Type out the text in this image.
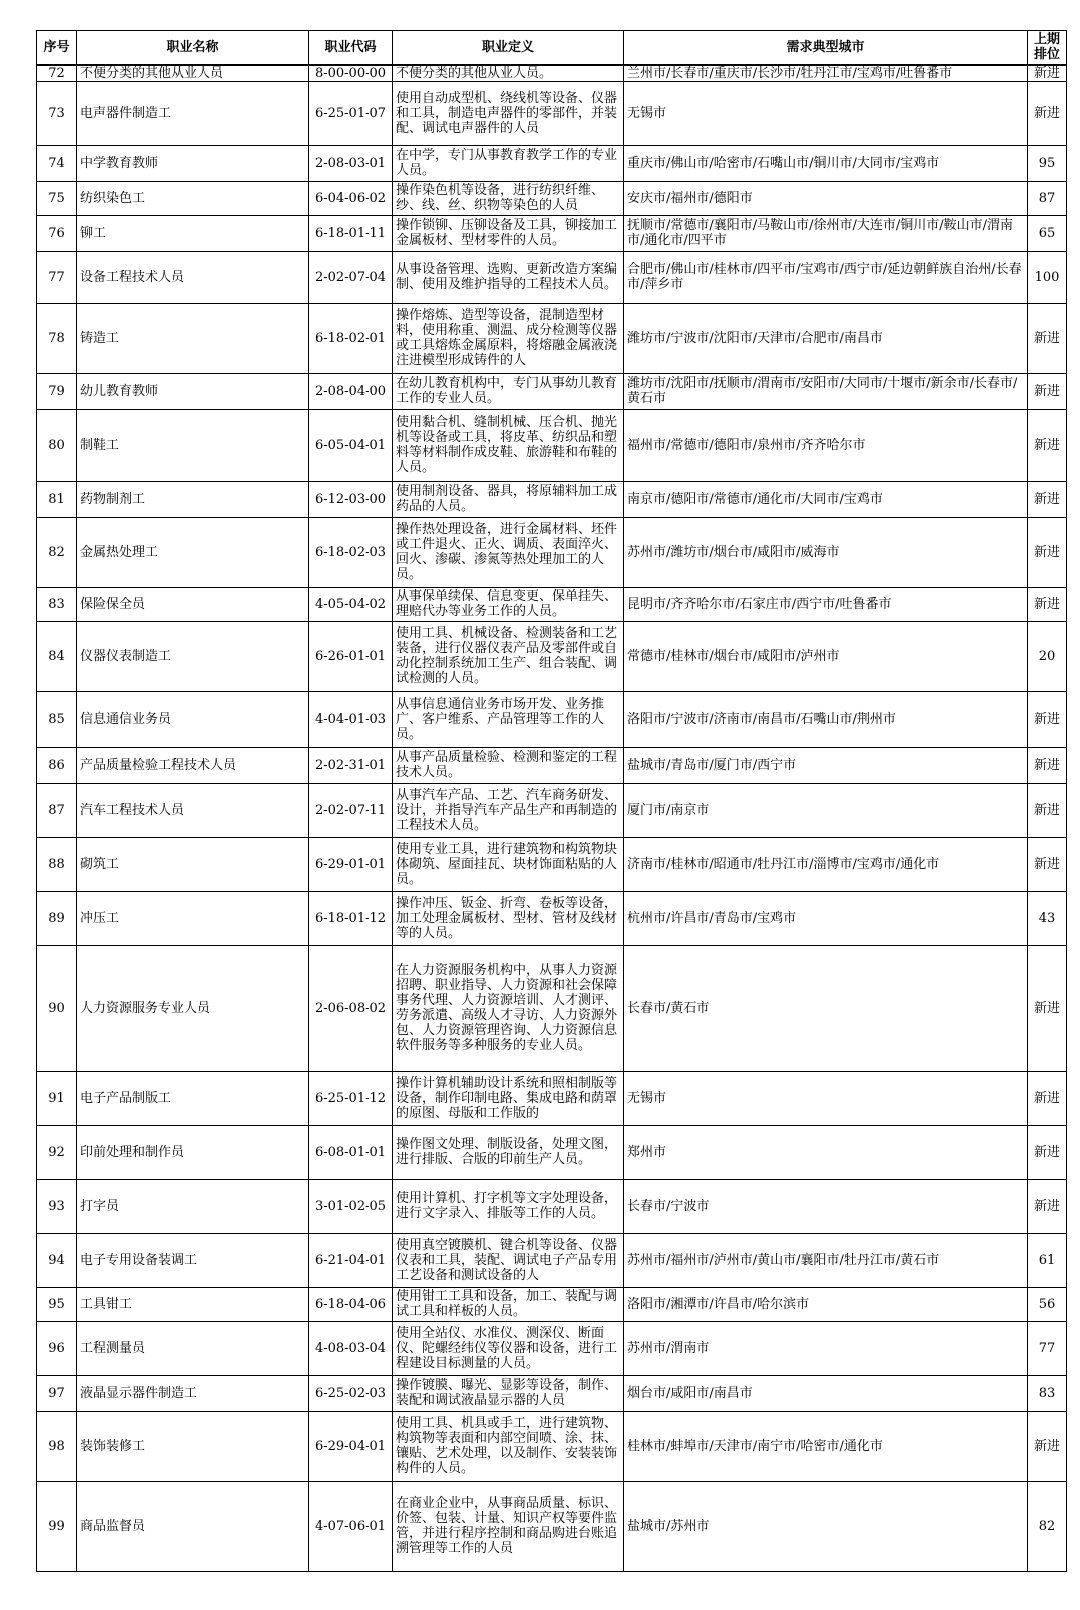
序号	职业名称	职业代码	职业定义	需求典型城市	上期排位
72	不便分类的其他从业人员	8-00-00-00	不便分类的其他从业人员。	兰州市/长春市/重庆市/长沙市/牡丹江市/宝鸡市/吐鲁番市	新进
73	电声器件制造工	6-25-01-07	使用自动成型机、绕线机等设备、仪器和工具，制造电声器件的零部件，并装配、调试电声器件的人员	无锡市	新进
74	中学教育教师	2-08-03-01	在中学，专门从事教育教学工作的专业人员。	重庆市/佛山市/哈密市/石嘴山市/铜川市/大同市/宝鸡市	95
75	纺织染色工	6-04-06-02	操作染色机等设备，进行纺织纤维、纱、线、丝、织物等染色的人员	安庆市/福州市/德阳市	87
76	铆工	6-18-01-11	操作锁铆、压铆设备及工具，铆接加工金属板材、型材零件的人员。	抚顺市/常德市/襄阳市/马鞍山市/徐州市/大连市/铜川市/鞍山市/渭南市/通化市/四平市	65
77	设备工程技术人员	2-02-07-04	从事设备管理、选购、更新改造方案编制、使用及维护指导的工程技术人员。	合肥市/佛山市/桂林市/四平市/宝鸡市/西宁市/延边朝鲜族自治州/长春市/萍乡市	100
78	铸造工	6-18-02-01	操作熔炼、造型等设备，混制造型材料，使用称重、测温、成分检测等仪器或工具熔炼金属原料，将熔融金属液浇注进模型形成铸件的人	潍坊市/宁波市/沈阳市/天津市/合肥市/南昌市	新进
79	幼儿教育教师	2-08-04-00	在幼儿教育机构中，专门从事幼儿教育工作的专业人员。	潍坊市/沈阳市/抚顺市/渭南市/安阳市/大同市/十堰市/新余市/长春市/黄石市	新进
80	制鞋工	6-05-04-01	使用黏合机、缝制机械、压合机、抛光机等设备或工具，将皮革、纺织品和塑料等材料制作成皮鞋、旅游鞋和布鞋的人员。	福州市/常德市/德阳市/泉州市/齐齐哈尔市	新进
81	药物制剂工	6-12-03-00	使用制剂设备、器具，将原辅料加工成药品的人员。	南京市/德阳市/常德市/通化市/大同市/宝鸡市	新进
82	金属热处理工	6-18-02-03	操作热处理设备，进行金属材料、坯件或工件退火、正火、调质、表面淬火、回火、渗碳、渗氮等热处理加工的人员。	苏州市/潍坊市/烟台市/咸阳市/威海市	新进
83	保险保全员	4-05-04-02	从事保单续保、信息变更、保单挂失、理赔代办等业务工作的人员。	昆明市/齐齐哈尔市/石家庄市/西宁市/吐鲁番市	新进
84	仪器仪表制造工	6-26-01-01	使用工具、机械设备、检测装备和工艺装备，进行仪器仪表产品及零部件或自动化控制系统加工生产、组合装配、调试检测的人员。	常德市/桂林市/烟台市/咸阳市/泸州市	20
85	信息通信业务员	4-04-01-03	从事信息通信业务市场开发、业务推广、客户维系、产品管理等工作的人员。	洛阳市/宁波市/济南市/南昌市/石嘴山市/荆州市	新进
86	产品质量检验工程技术人员	2-02-31-01	从事产品质量检验、检测和鉴定的工程技术人员。	盐城市/青岛市/厦门市/西宁市	新进
87	汽车工程技术人员	2-02-07-11	从事汽车产品、工艺、汽车商务研发、设计，并指导汽车产品生产和再制造的工程技术人员。	厦门市/南京市	新进
88	砌筑工	6-29-01-01	使用专业工具，进行建筑物和构筑物块体砌筑、屋面挂瓦、块材饰面粘贴的人员。	济南市/桂林市/昭通市/牡丹江市/淄博市/宝鸡市/通化市	新进
89	冲压工	6-18-01-12	操作冲压、钣金、折弯、卷板等设备，加工处理金属板材、型材、管材及线材等的人员。	杭州市/许昌市/青岛市/宝鸡市	43
90	人力资源服务专业人员	2-06-08-02	在人力资源服务机构中，从事人力资源招聘、职业指导、人力资源和社会保障事务代理、人力资源培训、人才测评、劳务派遣、高级人才寻访、人力资源外包、人力资源管理咨询、人力资源信息软件服务等多种服务的专业人员。	长春市/黄石市	新进
91	电子产品制版工	6-25-01-12	操作计算机辅助设计系统和照相制版等设备，制作印制电路、集成电路和荫罩的原图、母版和工作版的	无锡市	新进
92	印前处理和制作员	6-08-01-01	操作图文处理、制版设备，处理文图，进行排版、合版的印前生产人员。	郑州市	新进
93	打字员	3-01-02-05	使用计算机、打字机等文字处理设备，进行文字录入、排版等工作的人员。	长春市/宁波市	新进
94	电子专用设备装调工	6-21-04-01	使用真空镀膜机、键合机等设备、仪器仪表和工具，装配、调试电子产品专用工艺设备和测试设备的人	苏州市/福州市/泸州市/黄山市/襄阳市/牡丹江市/黄石市	61
95	工具钳工	6-18-04-06	使用钳工工具和设备，加工、装配与调试工具和样板的人员。	洛阳市/湘潭市/许昌市/哈尔滨市	56
96	工程测量员	4-08-03-04	使用全站仪、水准仪、测深仪、断面仪、陀螺经纬仪等仪器和设备，进行工程建设目标测量的人员。	苏州市/渭南市	77
97	液晶显示器件制造工	6-25-02-03	操作镀膜、曝光、显影等设备，制作、装配和调试液晶显示器的人员	烟台市/咸阳市/南昌市	83
98	装饰装修工	6-29-04-01	使用工具、机具或手工，进行建筑物、构筑物等表面和内部空间喷、涂、抹、镶贴、艺术处理，以及制作、安装装饰构件的人员。	桂林市/蚌埠市/天津市/南宁市/哈密市/通化市	新进
99	商品监督员	4-07-06-01	在商业企业中，从事商品质量、标识、价签、包装、计量、知识产权等要件监管，并进行程序控制和商品购进台账追溯管理等工作的人员	盐城市/苏州市	82
